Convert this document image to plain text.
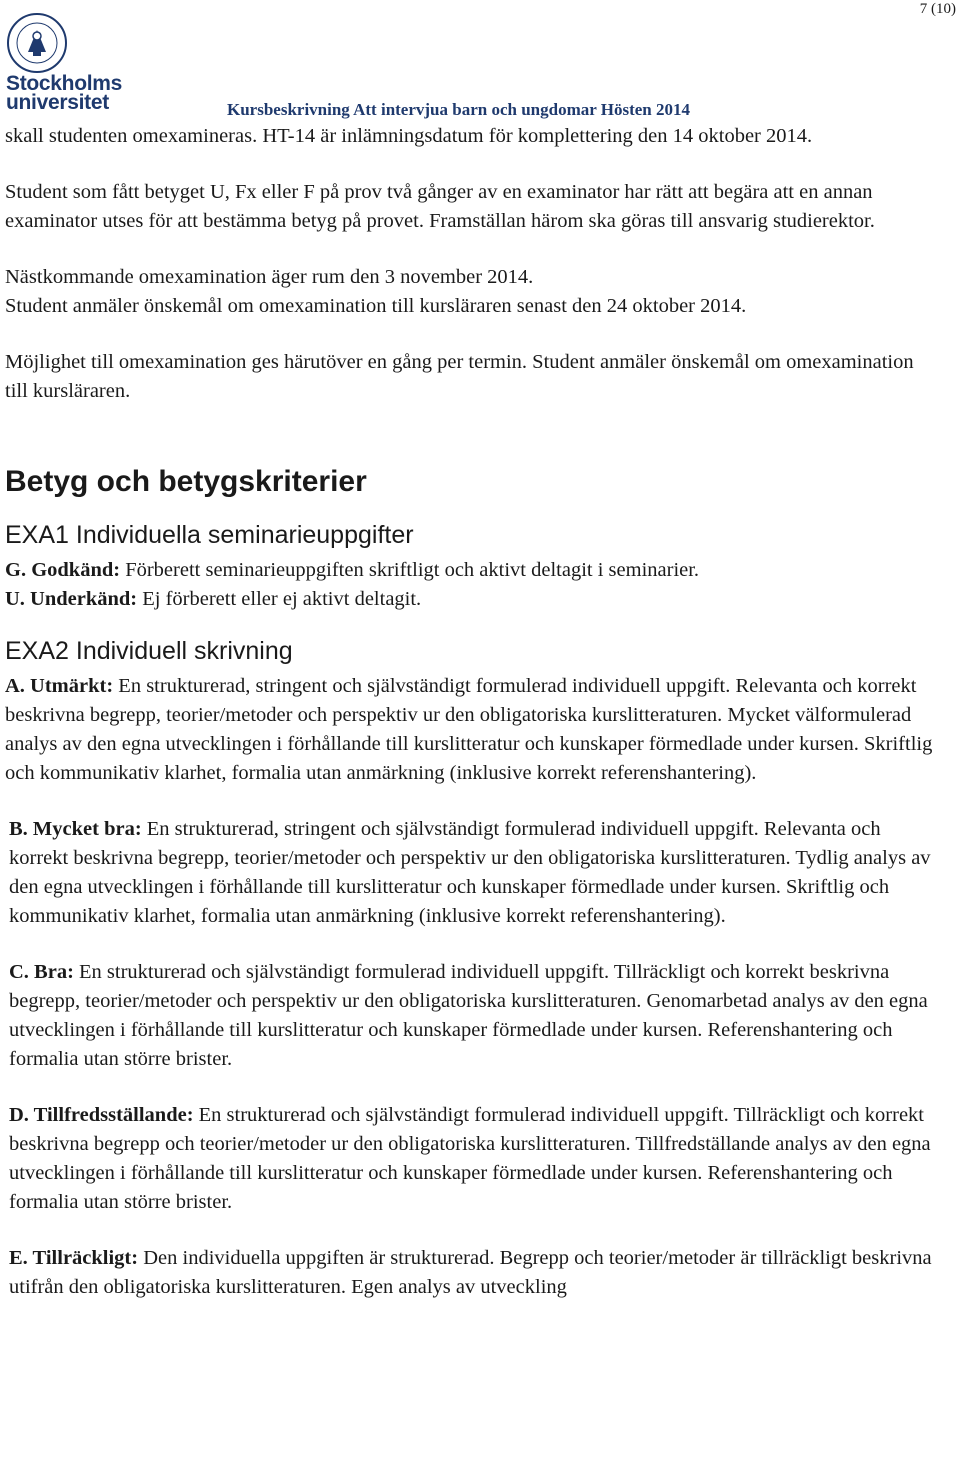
7 (10)
Stockholms
universitet	Kursbeskrivning Att intervjua barn och ungdomar Hösten 2014

skall studenten omexamineras. HT-14 är inlämningsdatum för komplettering den 14 oktober 2014.

Student som fått betyget U, Fx eller F på prov två gånger av en examinator har rätt att begära att en annan examinator utses för att bestämma betyg på provet. Framställan härom ska göras till ansvarig studierektor.

Nästkommande omexamination äger rum den 3 november 2014.

Student anmäler önskemål om omexamination till kursläraren senast den 24 oktober 2014.

Möjlighet till omexamination ges härutöver en gång per termin. Student anmäler önskemål om omexamination till kursläraren.

Betyg och betygskriterier
EXA1 Individuella seminarieuppgifter

G. Godkänd: Förberett seminarieuppgiften skriftligt och aktivt deltagit i seminarier.

U. Underkänd: Ej förberett eller ej aktivt deltagit.

EXA2 Individuell skrivning

A. Utmärkt: En strukturerad, stringent och självständigt formulerad individuell uppgift. Relevanta och korrekt beskrivna begrepp, teorier/metoder och perspektiv ur den obligatoriska kurslitteraturen. Mycket välformulerad analys av den egna utvecklingen i förhållande till kurslitteratur och kunskaper förmedlade under kursen. Skriftlig och kommunikativ klarhet, formalia utan anmärkning (inklusive korrekt referenshantering).

B. Mycket bra: En strukturerad, stringent och självständigt formulerad individuell uppgift. Relevanta och korrekt beskrivna begrepp, teorier/metoder och perspektiv ur den obligatoriska kurslitteraturen. Tydlig analys av den egna utvecklingen i förhållande till kurslitteratur och kunskaper förmedlade under kursen. Skriftlig och kommunikativ klarhet, formalia utan anmärkning (inklusive korrekt referenshantering).

C. Bra: En strukturerad och självständigt formulerad individuell uppgift. Tillräckligt och korrekt beskrivna begrepp, teorier/metoder och perspektiv ur den obligatoriska kurslitteraturen. Genomarbetad analys av den egna utvecklingen i förhållande till kurslitteratur och kunskaper förmedlade under kursen. Referenshantering och formalia utan större brister.

D. Tillfredsställande: En strukturerad och självständigt formulerad individuell uppgift. Tillräckligt och korrekt beskrivna begrepp och teorier/metoder ur den obligatoriska kurslitteraturen. Tillfredställande analys av den egna utvecklingen i förhållande till kurslitteratur och kunskaper förmedlade under kursen. Referenshantering och formalia utan större brister.

E. Tillräckligt: Den individuella uppgiften är strukturerad. Begrepp och teorier/metoder är tillräckligt beskrivna utifrån den obligatoriska kurslitteraturen. Egen analys av utveckling
